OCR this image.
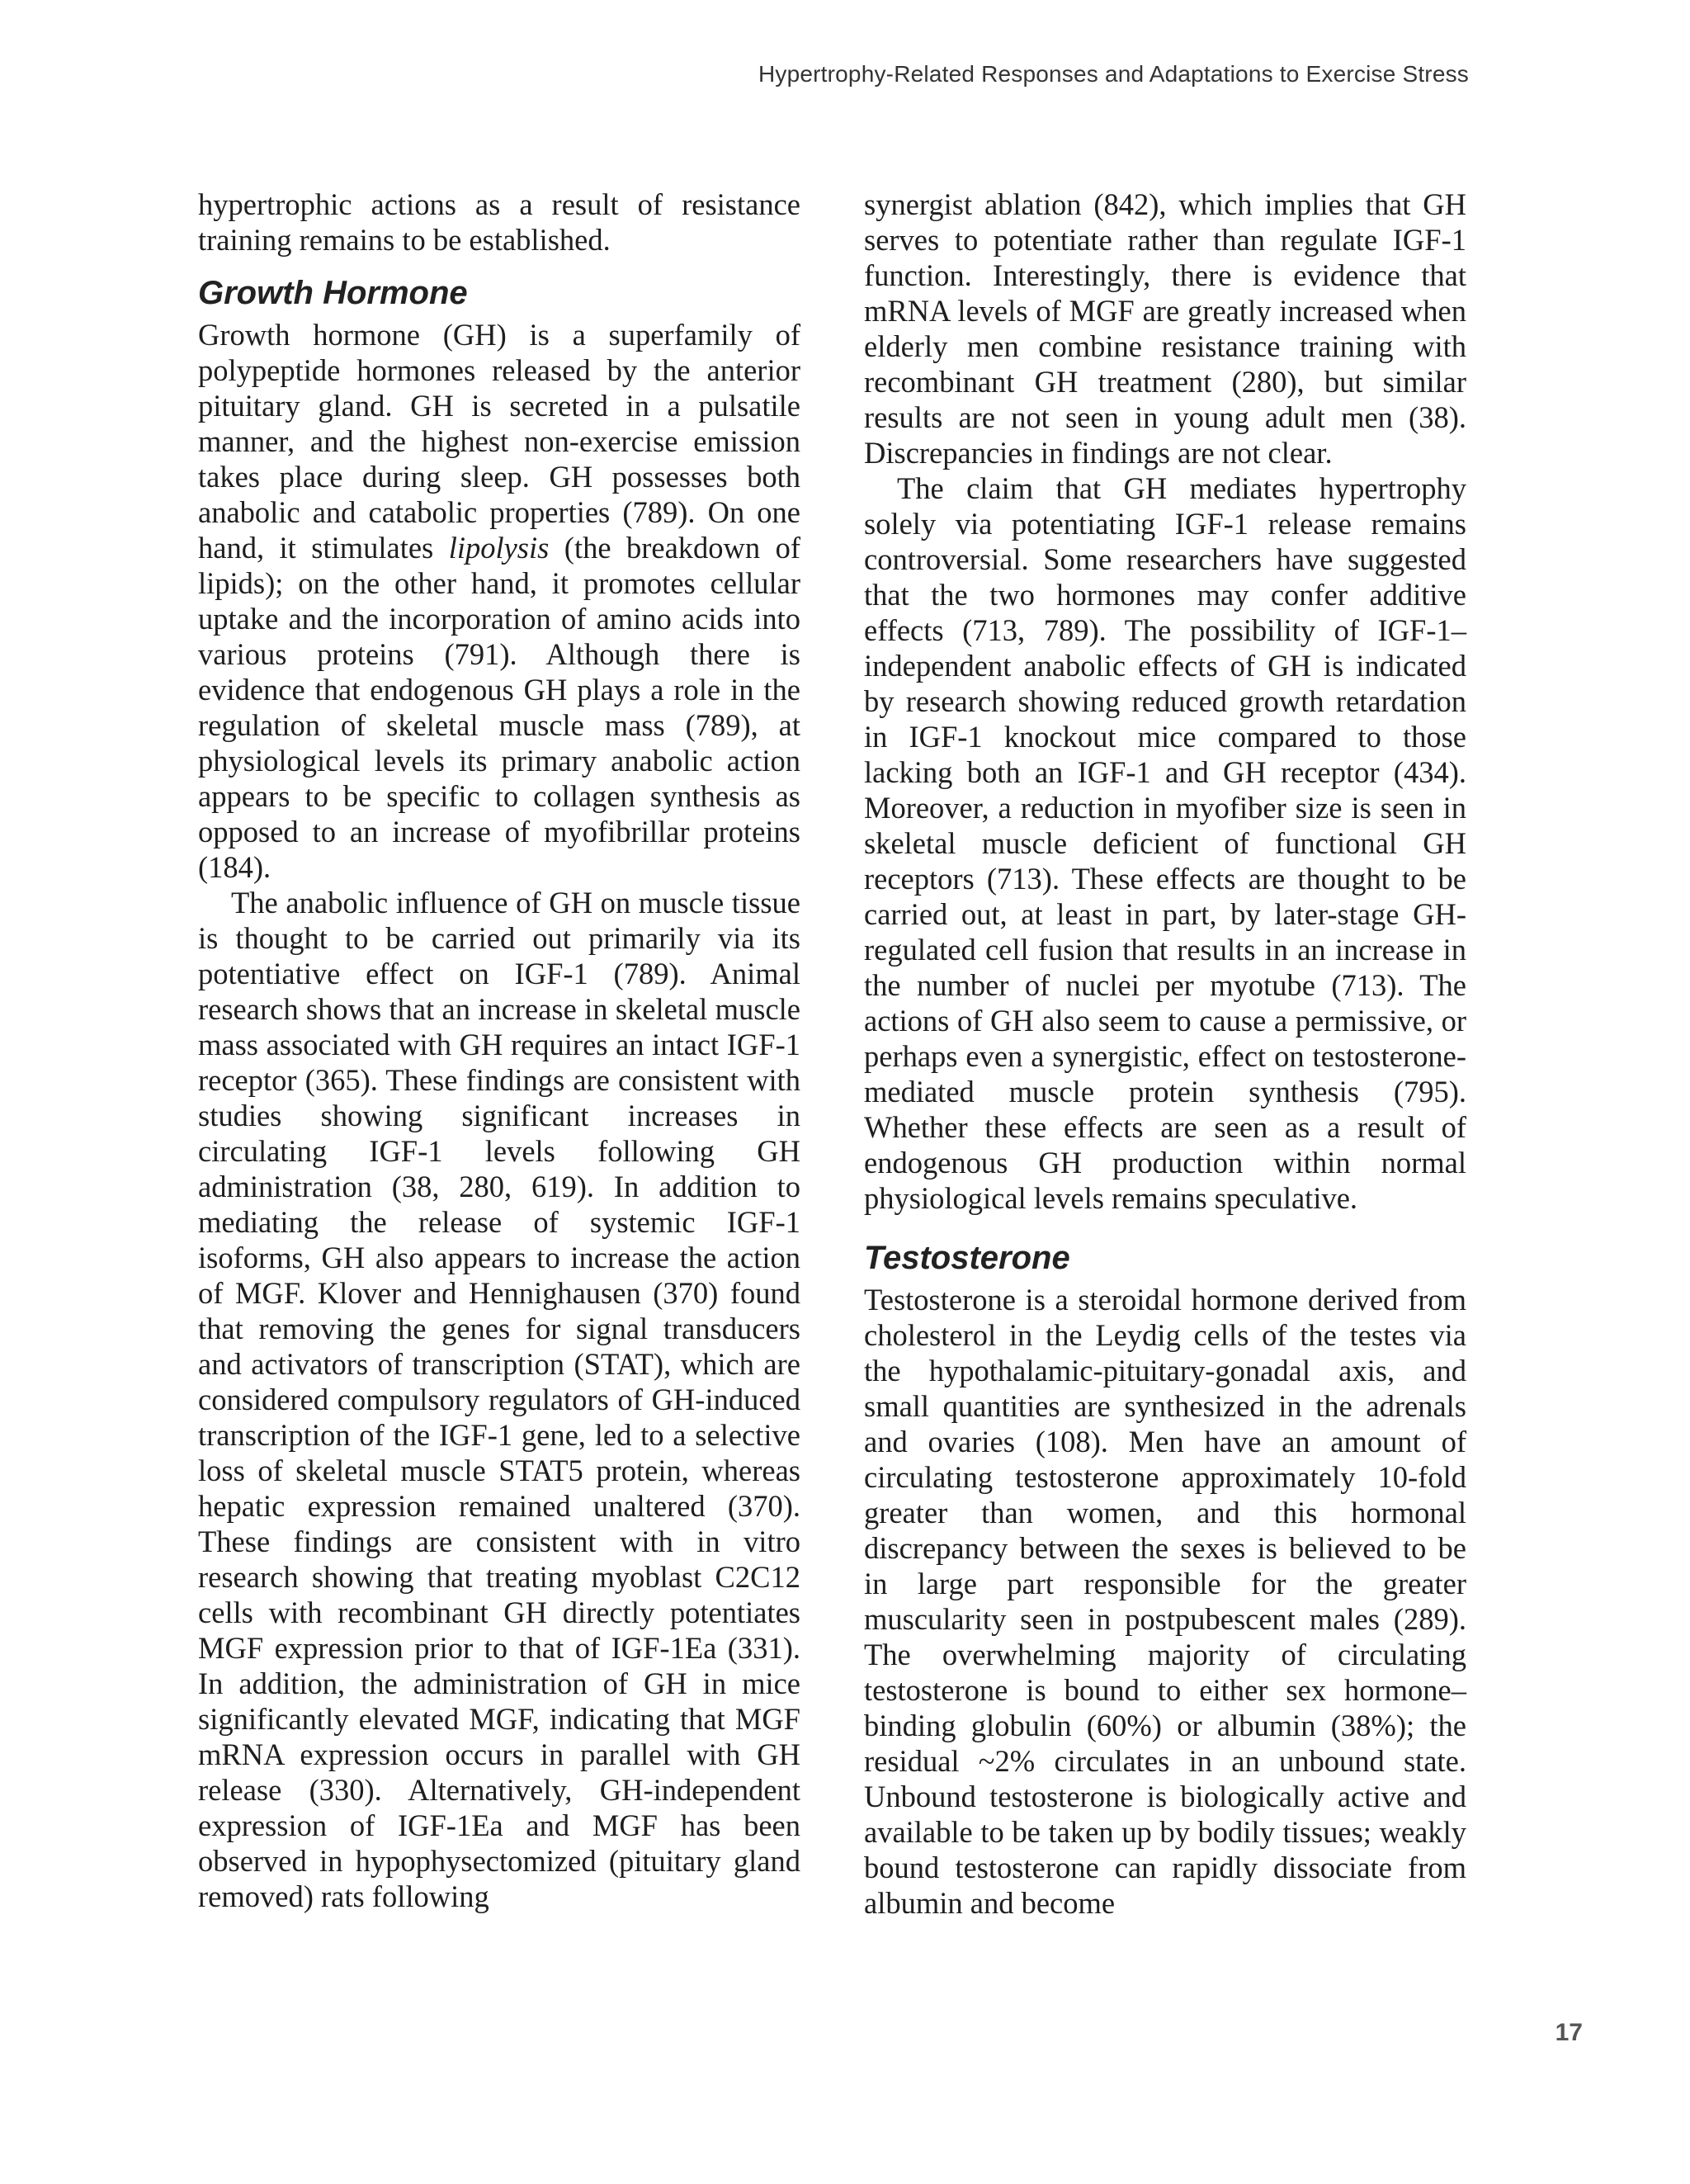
Hypertrophy-Related Responses and Adaptations to Exercise Stress

hypertrophic actions as a result of resistance training remains to be established.

Growth Hormone

Growth hormone (GH) is a superfamily of polypeptide hormones released by the anterior pituitary gland. GH is secreted in a pulsatile manner, and the highest non-exercise emission takes place during sleep. GH possesses both anabolic and catabolic properties (789). On one hand, it stimulates lipolysis (the breakdown of lipids); on the other hand, it promotes cellular uptake and the incorporation of amino acids into various proteins (791). Although there is evidence that endogenous GH plays a role in the regulation of skeletal muscle mass (789), at physiological levels its primary anabolic action appears to be specific to collagen synthesis as opposed to an increase of myofibrillar proteins (184).

The anabolic influence of GH on muscle tissue is thought to be carried out primarily via its potentiative effect on IGF-1 (789). Animal research shows that an increase in skeletal muscle mass associated with GH requires an intact IGF-1 receptor (365). These findings are consistent with studies showing significant increases in circulating IGF-1 levels following GH administration (38, 280, 619). In addition to mediating the release of systemic IGF-1 isoforms, GH also appears to increase the action of MGF. Klover and Hennighausen (370) found that removing the genes for signal transducers and activators of transcription (STAT), which are considered compulsory regulators of GH-induced transcription of the IGF-1 gene, led to a selective loss of skeletal muscle STAT5 protein, whereas hepatic expression remained unaltered (370). These findings are consistent with in vitro research showing that treating myoblast C2C12 cells with recombinant GH directly potentiates MGF expression prior to that of IGF-1Ea (331). In addition, the administration of GH in mice significantly elevated MGF, indicating that MGF mRNA expression occurs in parallel with GH release (330). Alternatively, GH-independent expression of IGF-1Ea and MGF has been observed in hypophysectomized (pituitary gland removed) rats following

synergist ablation (842), which implies that GH serves to potentiate rather than regulate IGF-1 function. Interestingly, there is evidence that mRNA levels of MGF are greatly increased when elderly men combine resistance training with recombinant GH treatment (280), but similar results are not seen in young adult men (38). Discrepancies in findings are not clear.

The claim that GH mediates hypertrophy solely via potentiating IGF-1 release remains controversial. Some researchers have suggested that the two hormones may confer additive effects (713, 789). The possibility of IGF-1–independent anabolic effects of GH is indicated by research showing reduced growth retardation in IGF-1 knockout mice compared to those lacking both an IGF-1 and GH receptor (434). Moreover, a reduction in myofiber size is seen in skeletal muscle deficient of functional GH receptors (713). These effects are thought to be carried out, at least in part, by later-stage GH-regulated cell fusion that results in an increase in the number of nuclei per myotube (713). The actions of GH also seem to cause a permissive, or perhaps even a synergistic, effect on testosterone-mediated muscle protein synthesis (795). Whether these effects are seen as a result of endogenous GH production within normal physiological levels remains speculative.

Testosterone

Testosterone is a steroidal hormone derived from cholesterol in the Leydig cells of the testes via the hypothalamic-pituitary-gonadal axis, and small quantities are synthesized in the adrenals and ovaries (108). Men have an amount of circulating testosterone approximately 10-fold greater than women, and this hormonal discrepancy between the sexes is believed to be in large part responsible for the greater muscularity seen in postpubescent males (289). The overwhelming majority of circulating testosterone is bound to either sex hormone–binding globulin (60%) or albumin (38%); the residual ~2% circulates in an unbound state. Unbound testosterone is biologically active and available to be taken up by bodily tissues; weakly bound testosterone can rapidly dissociate from albumin and become

17
